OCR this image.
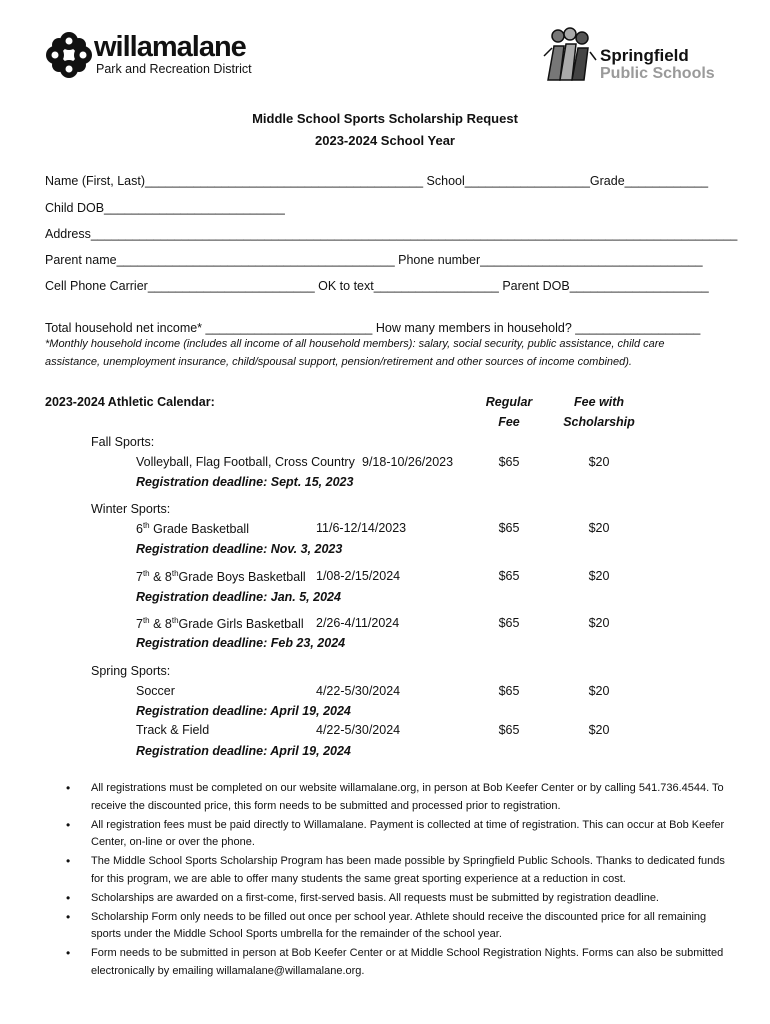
willamalane
Park and Recreation District
Springfield
Public Schools
Middle School Sports Scholarship Request
2023-2024 School Year
Name (First, Last)________________________________________ School__________________Grade____________
Child DOB__________________________
Address_____________________________________________________________________________________________
Parent name________________________________________ Phone number________________________________
Cell Phone Carrier________________________ OK to text__________________ Parent DOB____________________
Total household net income* ________________________ How many members in household? __________________
*Monthly household income (includes all income of all household members): salary, social security, public assistance, child care
assistance, unemployment insurance, child/spousal support, pension/retirement and other sources of income combined).
2023-2024 Athletic Calendar:	Regular
Fee
Fee with
Scholarship
Fall Sports:
Volleyball, Flag Football, Cross Country 9/18-10/26/2023	$65	$20
Registration deadline: Sept. 15, 2023
Winter Sports:
6th Grade Basketball	11/6-12/14/2023	$65	$20
Registration deadline: Nov. 3, 2023
7th & 8thGrade Boys Basketball 1/08-2/15/2024	$65	$20
Registration deadline: Jan. 5, 2024
7th & 8thGrade Girls Basketball 2/26-4/11/2024	$65	$20
Registration deadline: Feb 23, 2024
Spring Sports:
Soccer	4/22-5/30/2024	$65	$20
Registration deadline: April 19, 2024
Track & Field	4/22-5/30/2024	$65	$20
Registration deadline: April 19, 2024
• All registrations must be completed on our website willamalane.org, in person at Bob Keefer Center or by calling 541.736.4544. To receive the discounted price, this form needs to be submitted and processed prior to registration.
• All registration fees must be paid directly to Willamalane. Payment is collected at time of registration. This can occur at Bob Keefer Center, on-line or over the phone.
• The Middle School Sports Scholarship Program has been made possible by Springfield Public Schools. Thanks to dedicated funds for this program, we are able to offer many students the same great sporting experience at a reduction in cost.
• Scholarships are awarded on a first-come, first-served basis. All requests must be submitted by registration deadline.
• Scholarship Form only needs to be filled out once per school year. Athlete should receive the discounted price for all remaining sports under the Middle School Sports umbrella for the remainder of the school year.
• Form needs to be submitted in person at Bob Keefer Center or at Middle School Registration Nights. Forms can also be submitted electronically by emailing willamalane@willamalane.org.
